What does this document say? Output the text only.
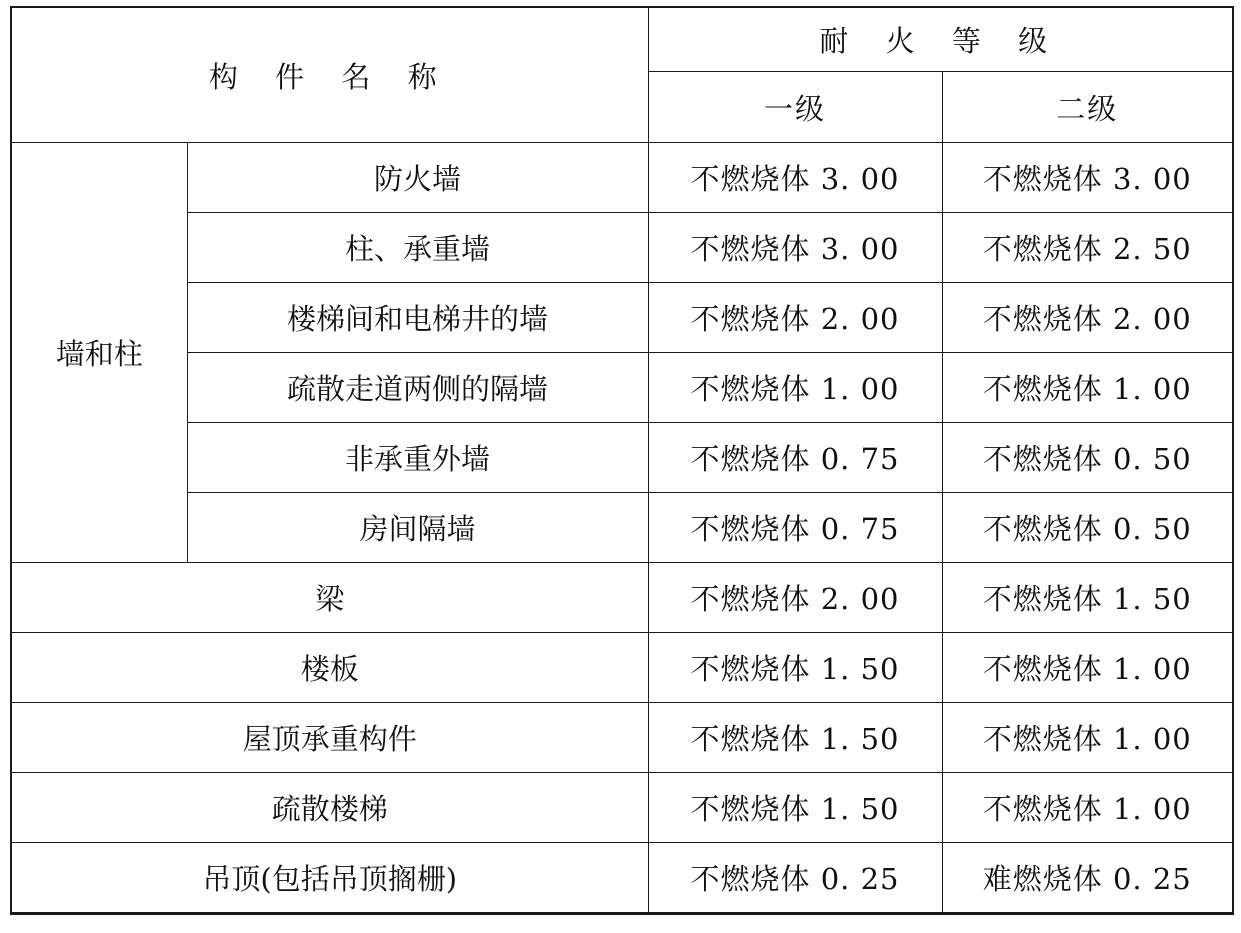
构 件 名 称		耐 火 等 级	
		一级	二级
墙和柱	防火墙	不燃烧体 3. 00	不燃烧体 3. 00
	柱、承重墙	不燃烧体 3. 00	不燃烧体 2. 50
	楼梯间和电梯井的墙	不燃烧体 2. 00	不燃烧体 2. 00
	疏散走道两侧的隔墙	不燃烧体 1. 00	不燃烧体 1. 00
	非承重外墙	不燃烧体 0. 75	不燃烧体 0. 50
	房间隔墙	不燃烧体 0. 75	不燃烧体 0. 50
梁		不燃烧体 2. 00	不燃烧体 1. 50
楼板		不燃烧体 1. 50	不燃烧体 1. 00
屋顶承重构件		不燃烧体 1. 50	不燃烧体 1. 00
疏散楼梯		不燃烧体 1. 50	不燃烧体 1. 00
吊顶(包括吊顶搁栅)		不燃烧体 0. 25	难燃烧体 0. 25
